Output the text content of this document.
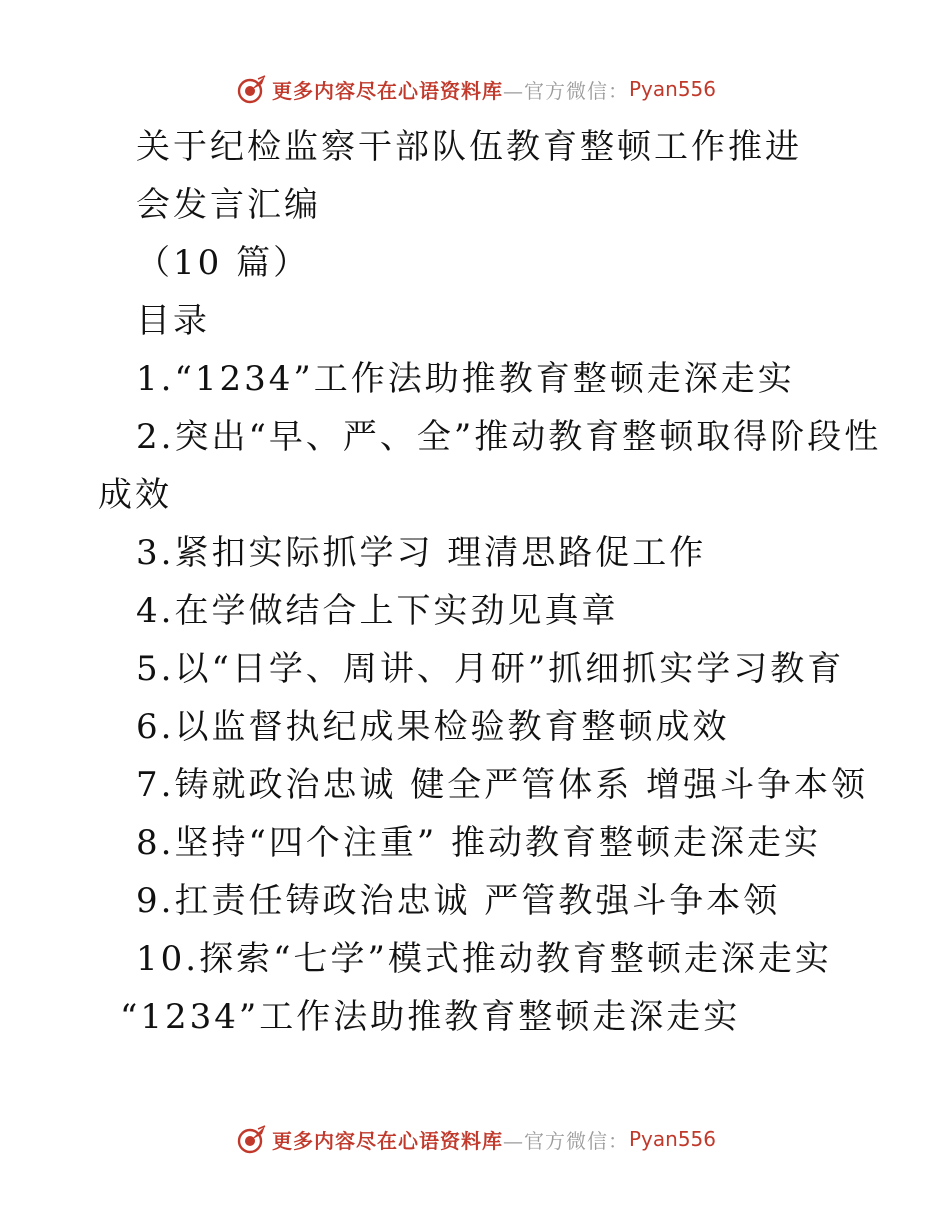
更多内容尽在心语资料库 —官方微信： Pyan556
关于纪检监察干部队伍教育整顿工作推进
会发言汇编
（10 篇）
目录
1.“1234”工作法助推教育整顿走深走实
2.突出“早、严、全”推动教育整顿取得阶段性
成效
3.紧扣实际抓学习 理清思路促工作
4.在学做结合上下实劲见真章
5.以“日学、周讲、月研”抓细抓实学习教育
6.以监督执纪成果检验教育整顿成效
7.铸就政治忠诚 健全严管体系 增强斗争本领
8.坚持“四个注重” 推动教育整顿走深走实
9.扛责任铸政治忠诚 严管教强斗争本领
10.探索“七学”模式推动教育整顿走深走实
“1234”工作法助推教育整顿走深走实
更多内容尽在心语资料库 —官方微信： Pyan556
